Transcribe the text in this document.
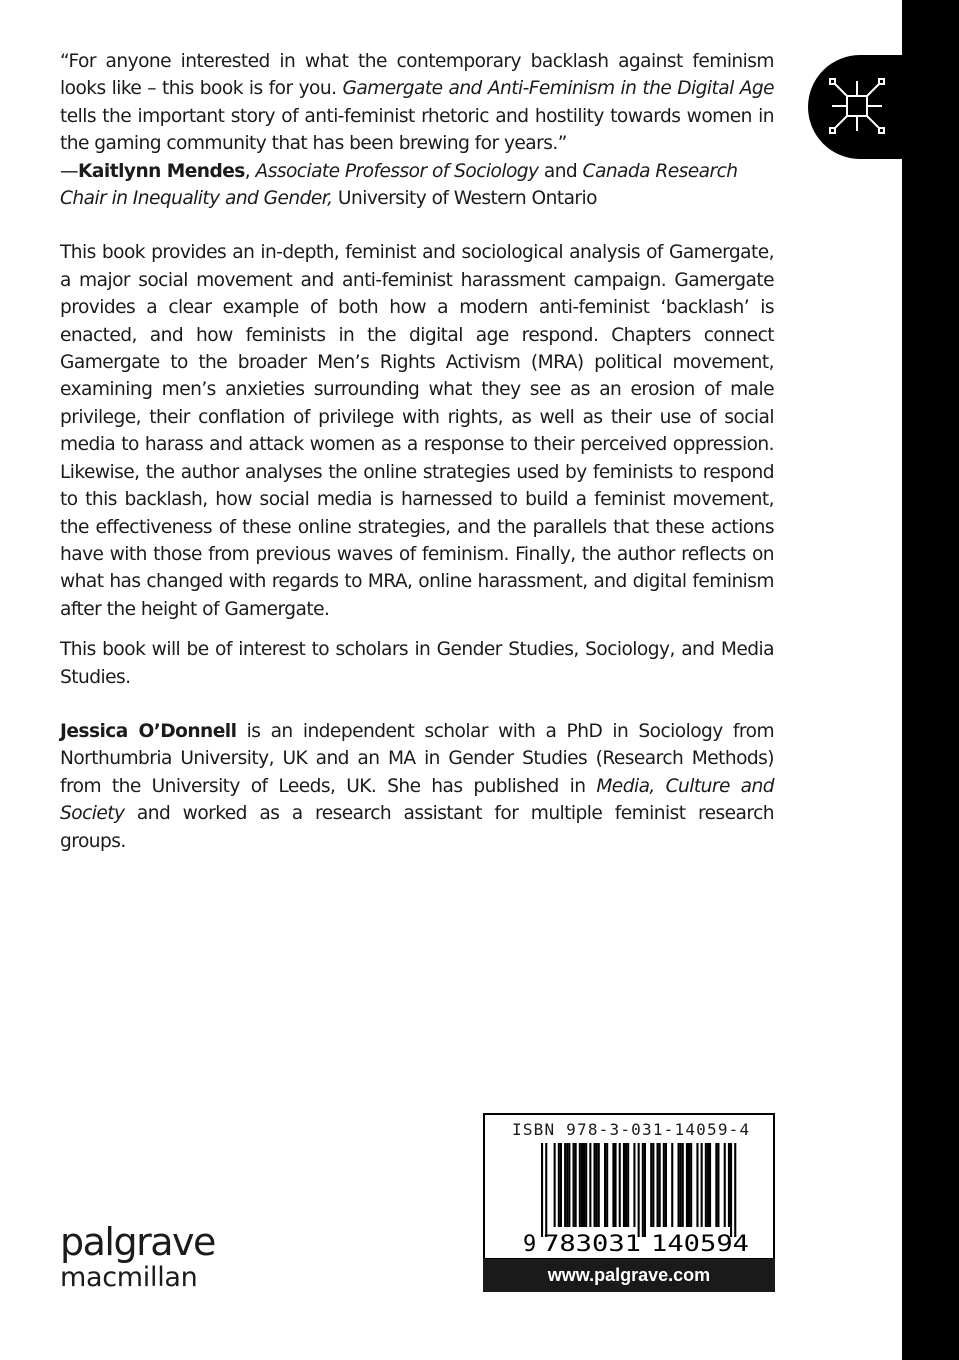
“For anyone interested in what the contemporary backlash against feminism looks like – this book is for you. Gamergate and Anti-Feminism in the Digital Age tells the important story of anti-feminist rhetoric and hostility towards women in the gaming community that has been brewing for years.”

—Kaitlynn Mendes, Associate Professor of Sociology and Canada Research Chair in Inequality and Gender, University of Western Ontario

This book provides an in-depth, feminist and sociological analysis of Gamergate, a major social movement and anti-feminist harassment campaign. Gamergate provides a clear example of both how a modern anti-feminist ‘backlash’ is enacted, and how feminists in the digital age respond. Chapters connect Gamergate to the broader Men’s Rights Activism (MRA) political movement, examining men’s anxieties surrounding what they see as an erosion of male privilege, their conflation of privilege with rights, as well as their use of social media to harass and attack women as a response to their perceived oppression. Likewise, the author analyses the online strategies used by feminists to respond to this backlash, how social media is harnessed to build a feminist movement, the effectiveness of these online strategies, and the parallels that these actions have with those from previous waves of feminism. Finally, the author reflects on what has changed with regards to MRA, online harassment, and digital feminism after the height of Gamergate.

This book will be of interest to scholars in Gender Studies, Sociology, and Media Studies.

Jessica O’Donnell is an independent scholar with a PhD in Sociology from Northumbria University, UK and an MA in Gender Studies (Research Methods) from the University of Leeds, UK. She has published in Media, Culture and Society and worked as a research assistant for multiple feminist research groups.

ISBN 978-3-031-14059-4
9 783031 140594
www.palgrave.com
palgrave
macmillan
